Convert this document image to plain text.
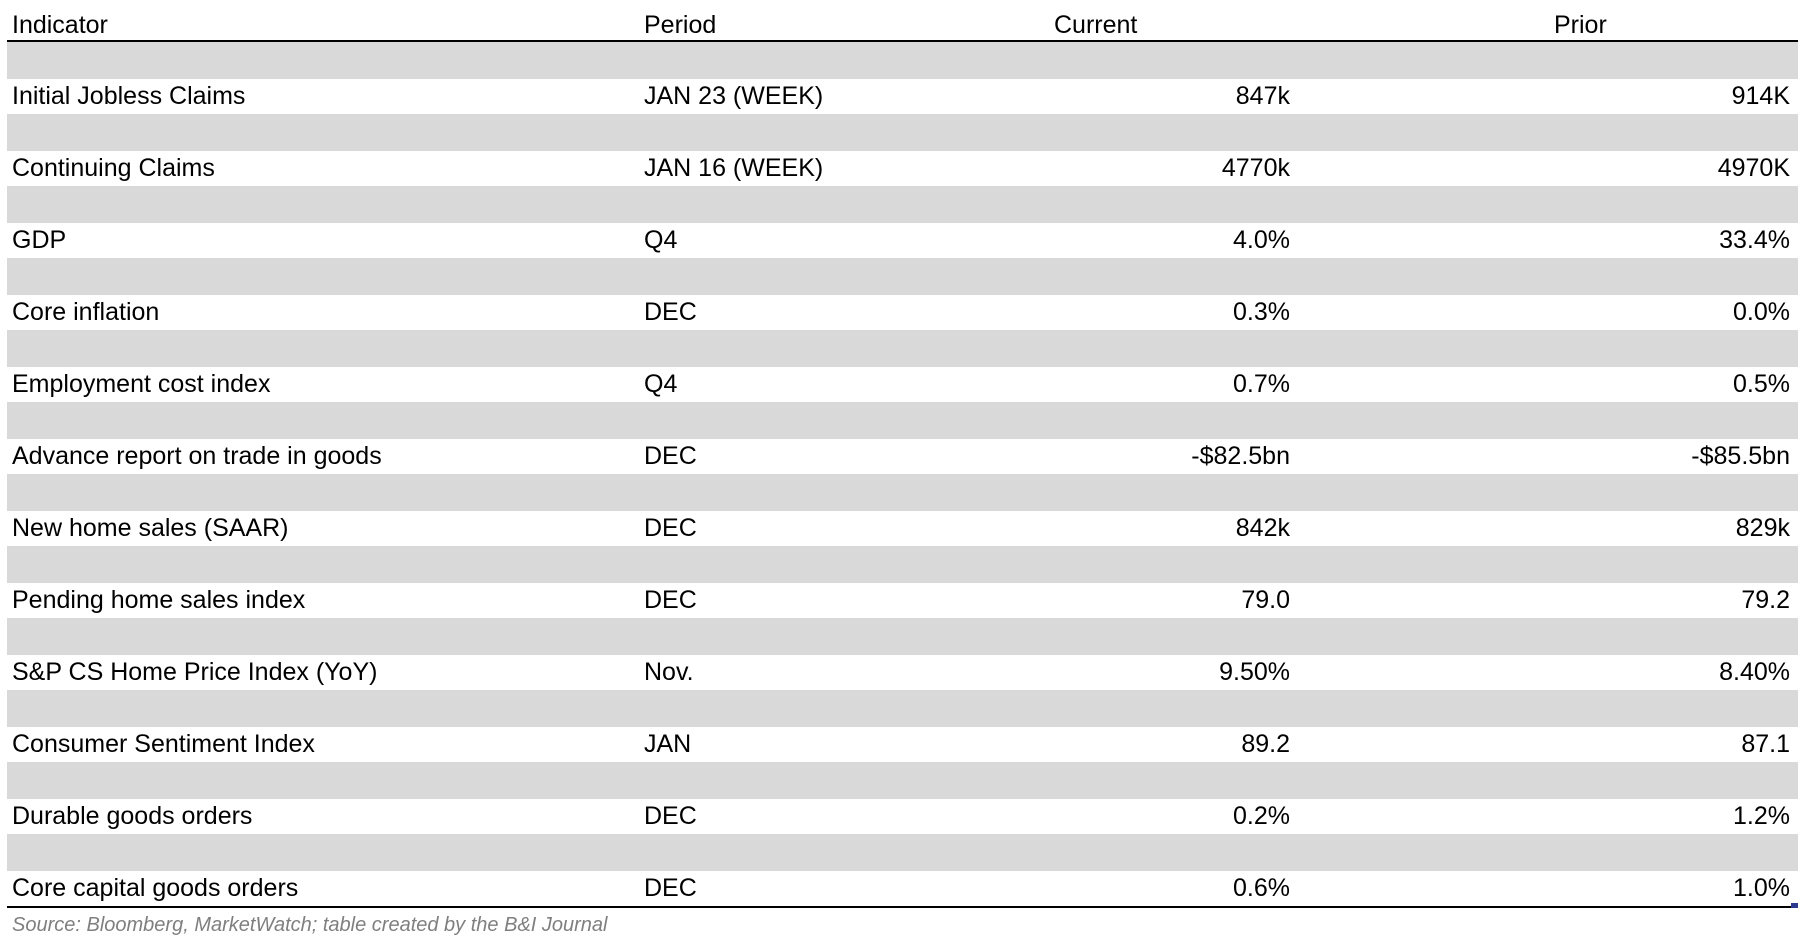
Indicator	Period	Current	Prior
Initial Jobless Claims	JAN 23 (WEEK)	847k	914K
Continuing Claims	JAN 16 (WEEK)	4770k	4970K
GDP	Q4	4.0%	33.4%
Core inflation	DEC	0.3%	0.0%
Employment cost index	Q4	0.7%	0.5%
Advance report on trade in goods	DEC	-$82.5bn	-$85.5bn
New home sales (SAAR)	DEC	842k	829k
Pending home sales index	DEC	79.0	79.2
S&P CS Home Price Index (YoY)	Nov.	9.50%	8.40%
Consumer Sentiment Index	JAN	89.2	87.1
Durable goods orders	DEC	0.2%	1.2%
Core capital goods orders	DEC	0.6%	1.0%
Source: Bloomberg, MarketWatch; table created by the B&I Journal
